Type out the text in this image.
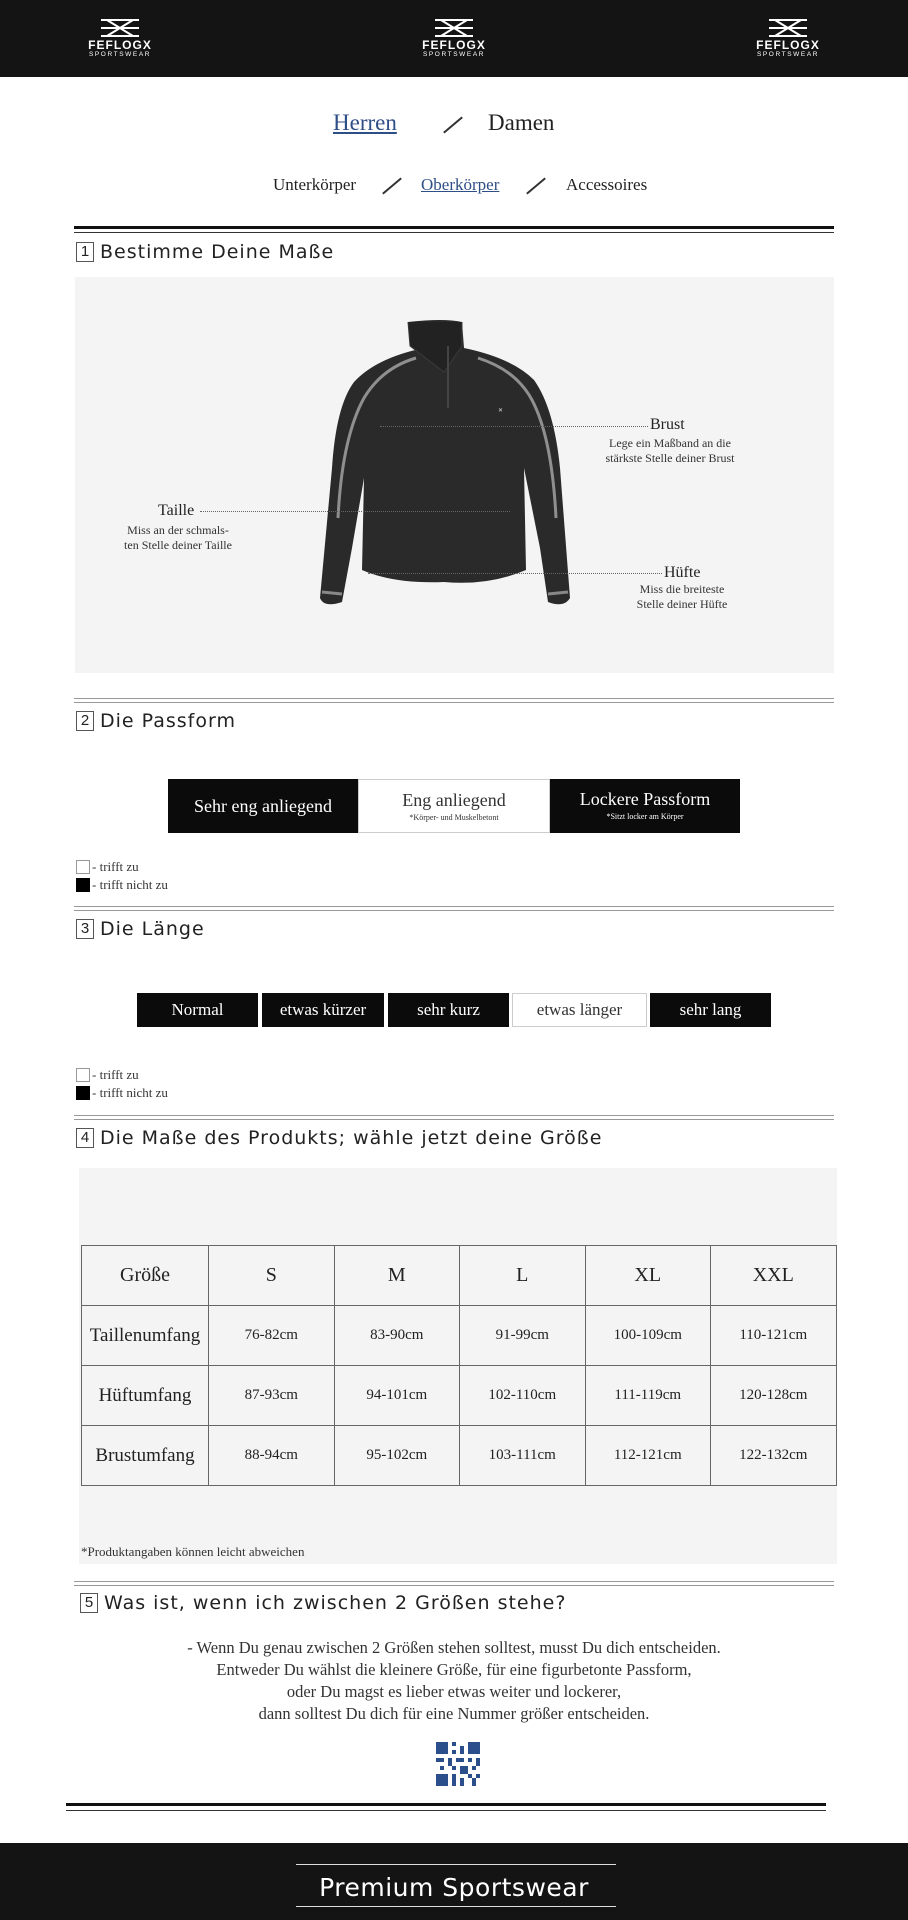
FEFLOGX
SPORTSWEAR
FEFLOGX
SPORTSWEAR
FEFLOGX
SPORTSWEAR
Herren	Damen
Unterkörper	Oberkörper	Accessoires
1 Bestimme Deine Maße
✕
Brust
Lege ein Maßband an die
stärkste Stelle deiner Brust
Taille
Miss an der schmals-
ten Stelle deiner Taille
Hüfte
Miss die breiteste
Stelle deiner Hüfte
2 Die Passform
Sehr eng anliegend	Eng anliegend
*Körper- und Muskelbetont
Lockere Passform
*Sitzt locker am Körper
- trifft zu
- trifft nicht zu
3 Die Länge
Normal	etwas kürzer	sehr kurz	etwas länger	sehr lang
- trifft zu
- trifft nicht zu
4 Die Maße des Produkts; wähle jetzt deine Größe
Größe	S	M	L	XL	XXL
Taillenumfang	76-82cm	83-90cm	91-99cm	100-109cm	110-121cm
Hüftumfang	87-93cm	94-101cm	102-110cm	111-119cm	120-128cm
Brustumfang	88-94cm	95-102cm	103-111cm	112-121cm	122-132cm
*Produktangaben können leicht abweichen
5 Was ist, wenn ich zwischen 2 Größen stehe?
- Wenn Du genau zwischen 2 Größen stehen solltest, musst Du dich entscheiden.
Entweder Du wählst die kleinere Größe, für eine figurbetonte Passform,
oder Du magst es lieber etwas weiter und lockerer,
dann solltest Du dich für eine Nummer größer entscheiden.
Premium Sportswear
